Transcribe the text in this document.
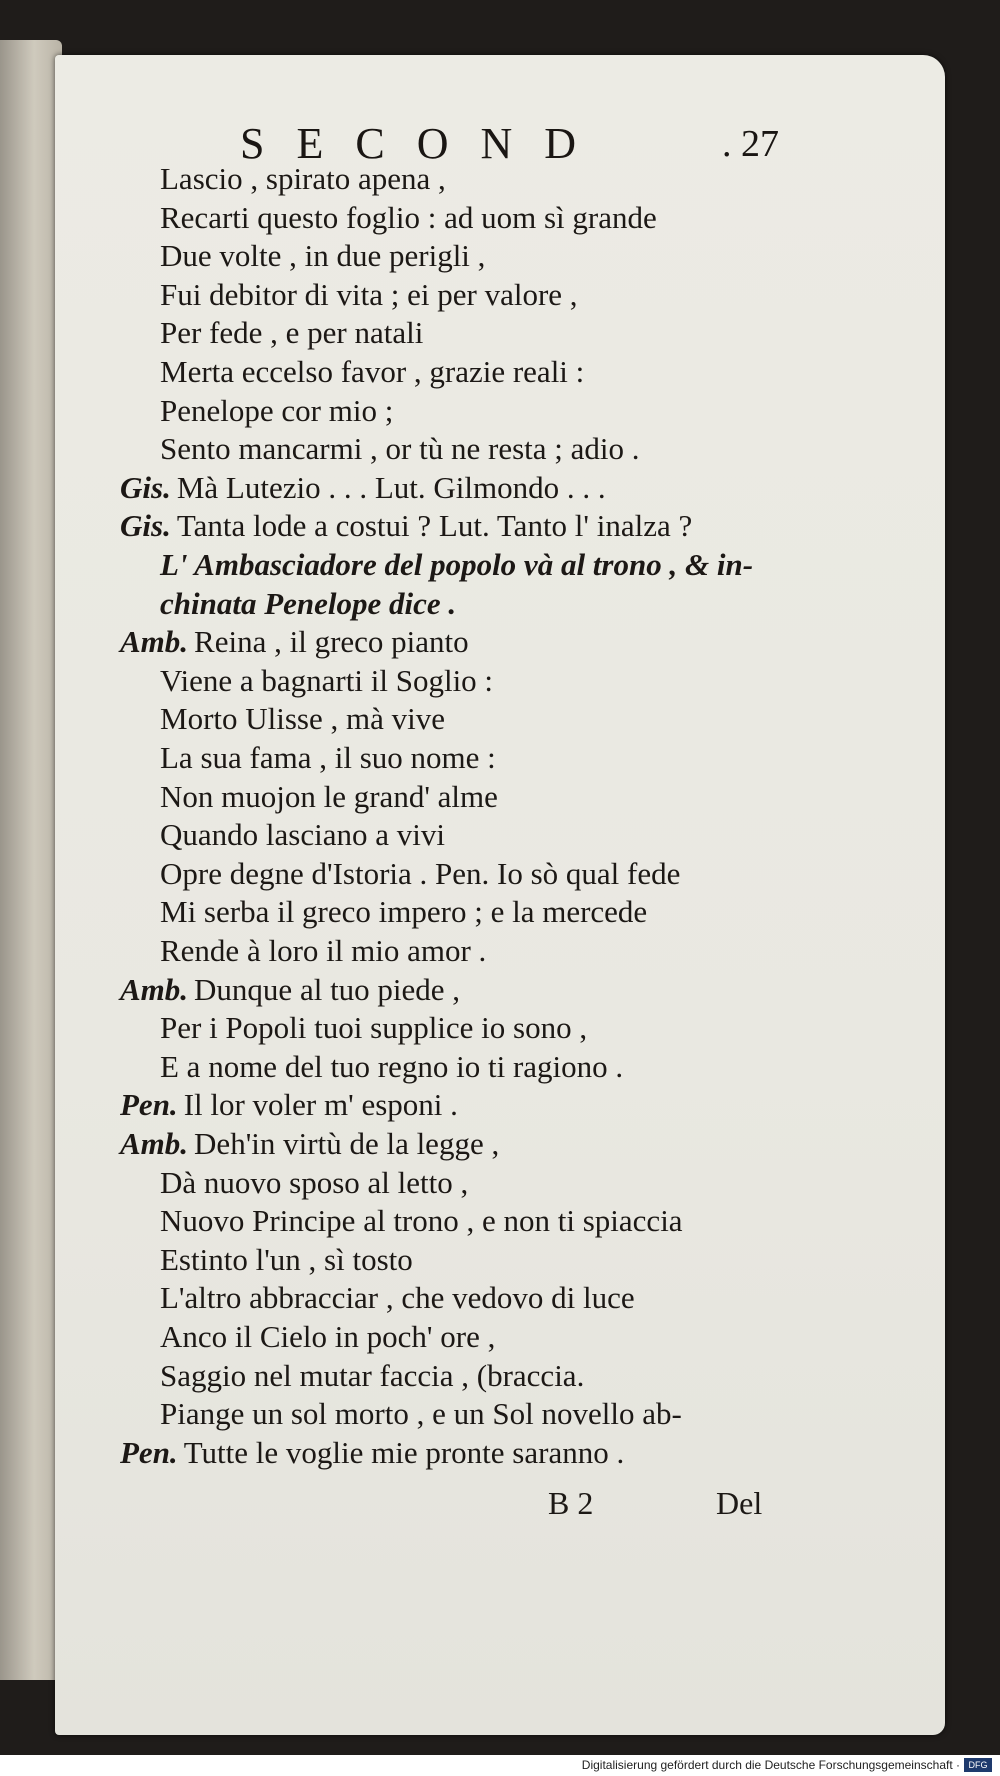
SECOND	. 27
Lascio , spirato apena ,
Recarti questo foglio : ad uom sì grande
Due volte , in due perigli ,
Fui debitor di vita ; ei per valore ,
Per fede , e per natali
Merta eccelso favor , grazie reali :
Penelope cor mio ;
Sento mancarmi , or tù ne resta ; adio .
Gis. Mà Lutezio . . . Lut. Gilmondo . . .
Gis. Tanta lode a costui ? Lut. Tanto l' inalza ?
L' Ambasciadore del popolo và al trono , & in-
chinata Penelope dice .
Amb. Reina , il greco pianto
Viene a bagnarti il Soglio :
Morto Ulisse , mà vive
La sua fama , il suo nome :
Non muojon le grand' alme
Quando lasciano a vivi
Opre degne d'Istoria . Pen. Io sò qual fede
Mi serba il greco impero ; e la mercede
Rende à loro il mio amor .
Amb. Dunque al tuo piede ,
Per i Popoli tuoi supplice io sono ,
E a nome del tuo regno io ti ragiono .
Pen. Il lor voler m' esponi .
Amb. Deh'in virtù de la legge ,
Dà nuovo sposo al letto ,
Nuovo Principe al trono , e non ti spiaccia
Estinto l'un , sì tosto
L'altro abbracciar , che vedovo di luce
Anco il Cielo in poch' ore ,
Saggio nel mutar faccia , (braccia.
Piange un sol morto , e un Sol novello ab-
Pen. Tutte le voglie mie pronte saranno .
B 2	Del
Digitalisierung gefördert durch die Deutsche Forschungsgemeinschaft · DFG
